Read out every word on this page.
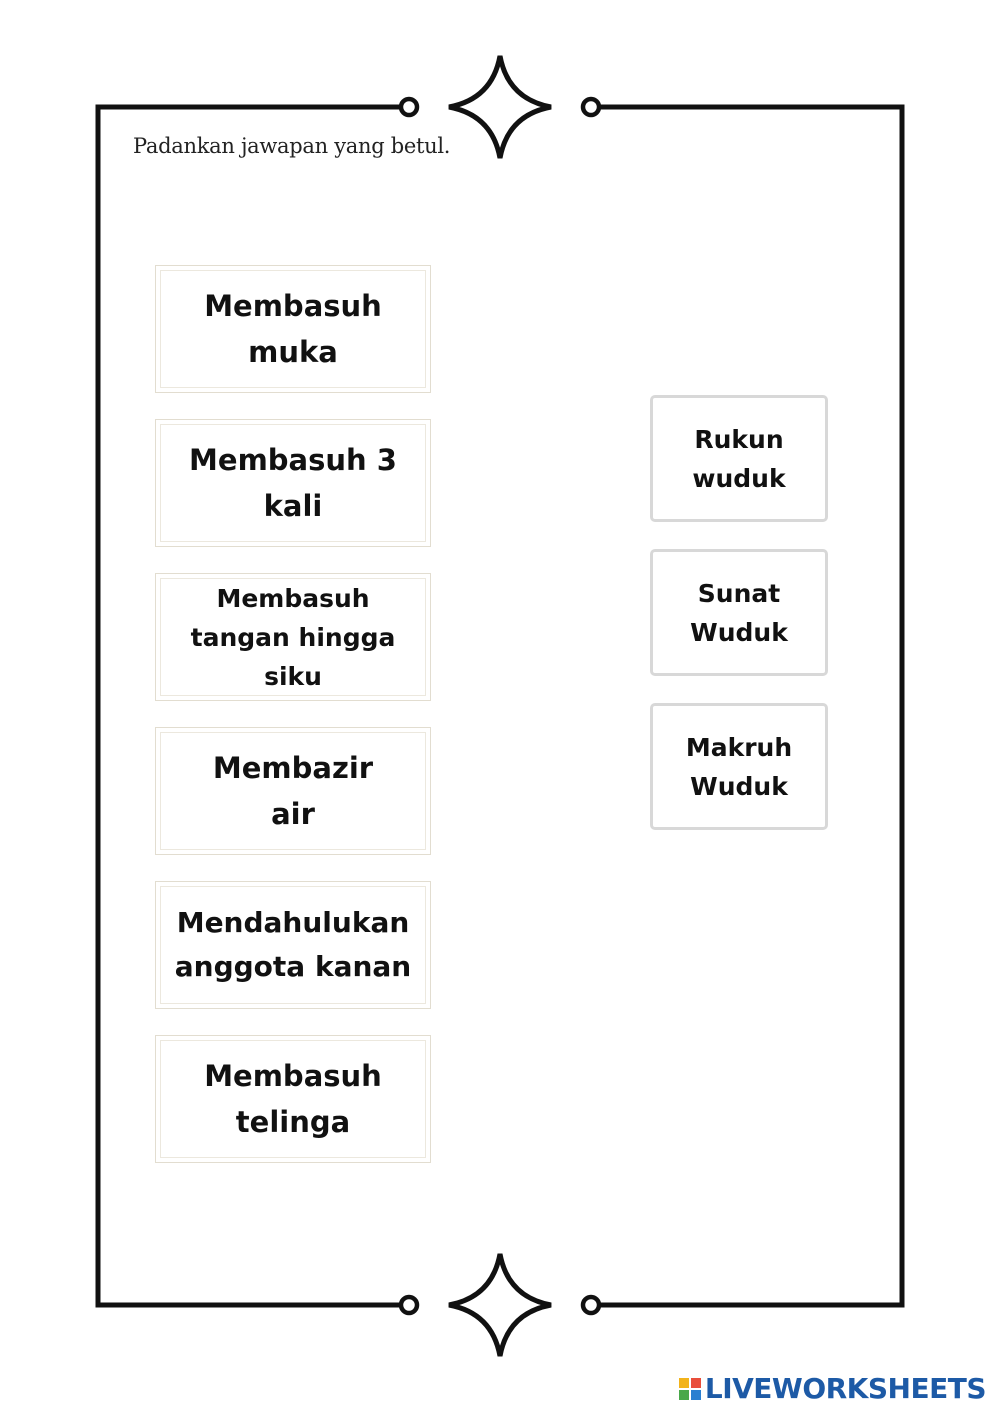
Padankan jawapan yang betul.
Membasuh
muka
Membasuh 3
kali
Membasuh
tangan hingga
siku
Membazir
air
Mendahulukan
anggota kanan
Membasuh
telinga
Rukun
wuduk
Sunat
Wuduk
Makruh
Wuduk
LIVEWORKSHEETS
